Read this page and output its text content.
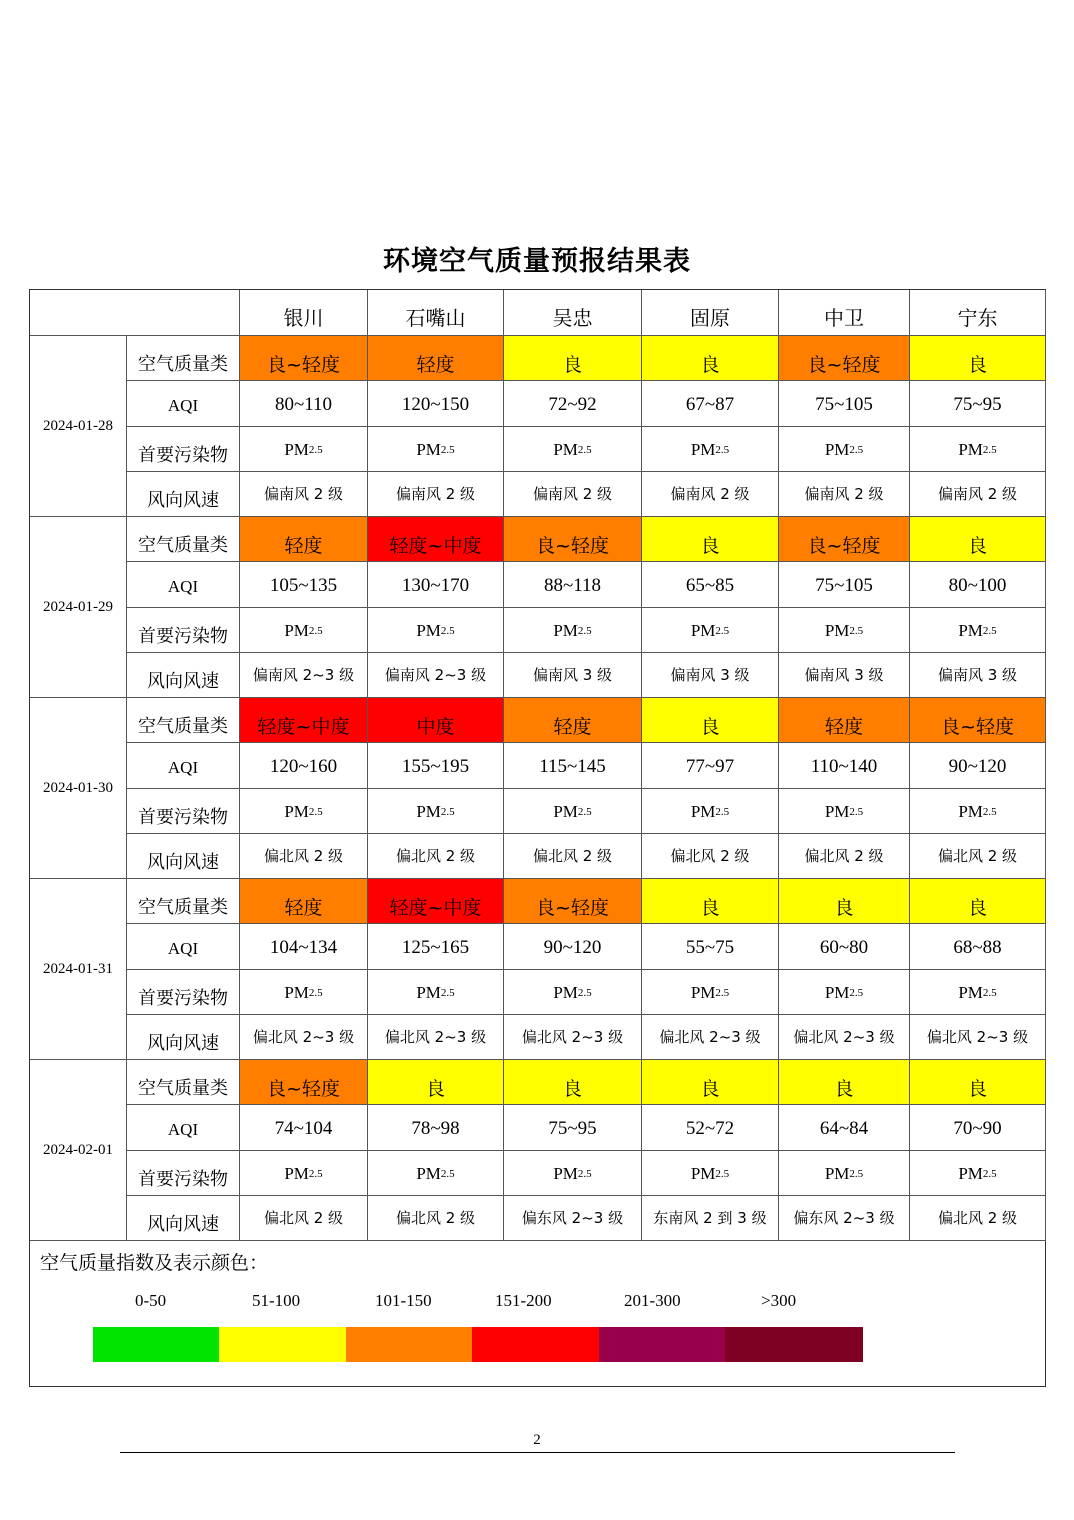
环境空气质量预报结果表
空气质量指数及表示颜色：
银川	石嘴山	吴忠	固原	中卫	宁东
2024-01-28
空气质量类	良~轻度	轻度	良	良	良~轻度	良
AQI	80~110	120~150	72~92	67~87	75~105	75~95
首要污染物	PM 2.5	PM 2.5	PM 2.5	PM 2.5	PM 2.5	PM 2.5
风向风速	偏南风 2 级	偏南风 2 级	偏南风 2 级	偏南风 2 级	偏南风 2 级	偏南风 2 级
2024-01-29
空气质量类	轻度	轻度~中度	良~轻度	良	良~轻度	良
AQI	105~135	130~170	88~118	65~85	75~105	80~100
首要污染物	PM 2.5	PM 2.5	PM 2.5	PM 2.5	PM 2.5	PM 2.5
风向风速	偏南风 2~3 级	偏南风 2~3 级	偏南风 3 级	偏南风 3 级	偏南风 3 级	偏南风 3 级
2024-01-30
空气质量类	轻度~中度	中度	轻度	良	轻度	良~轻度
AQI	120~160	155~195	115~145	77~97	110~140	90~120
首要污染物	PM 2.5	PM 2.5	PM 2.5	PM 2.5	PM 2.5	PM 2.5
风向风速	偏北风 2 级	偏北风 2 级	偏北风 2 级	偏北风 2 级	偏北风 2 级	偏北风 2 级
2024-01-31
空气质量类	轻度	轻度~中度	良~轻度	良	良	良
AQI	104~134	125~165	90~120	55~75	60~80	68~88
首要污染物	PM 2.5	PM 2.5	PM 2.5	PM 2.5	PM 2.5	PM 2.5
风向风速	偏北风 2~3 级	偏北风 2~3 级	偏北风 2~3 级	偏北风 2~3 级	偏北风 2~3 级	偏北风 2~3 级
2024-02-01
空气质量类	良~轻度	良	良	良	良	良
AQI	74~104	78~98	75~95	52~72	64~84	70~90
首要污染物	PM 2.5	PM 2.5	PM 2.5	PM 2.5	PM 2.5	PM 2.5
风向风速	偏北风 2 级	偏北风 2 级	偏东风 2~3 级	东南风 2 到 3 级	偏东风 2~3 级	偏北风 2 级
0-50	51-100	101-150	151-200	201-300	>300
2
